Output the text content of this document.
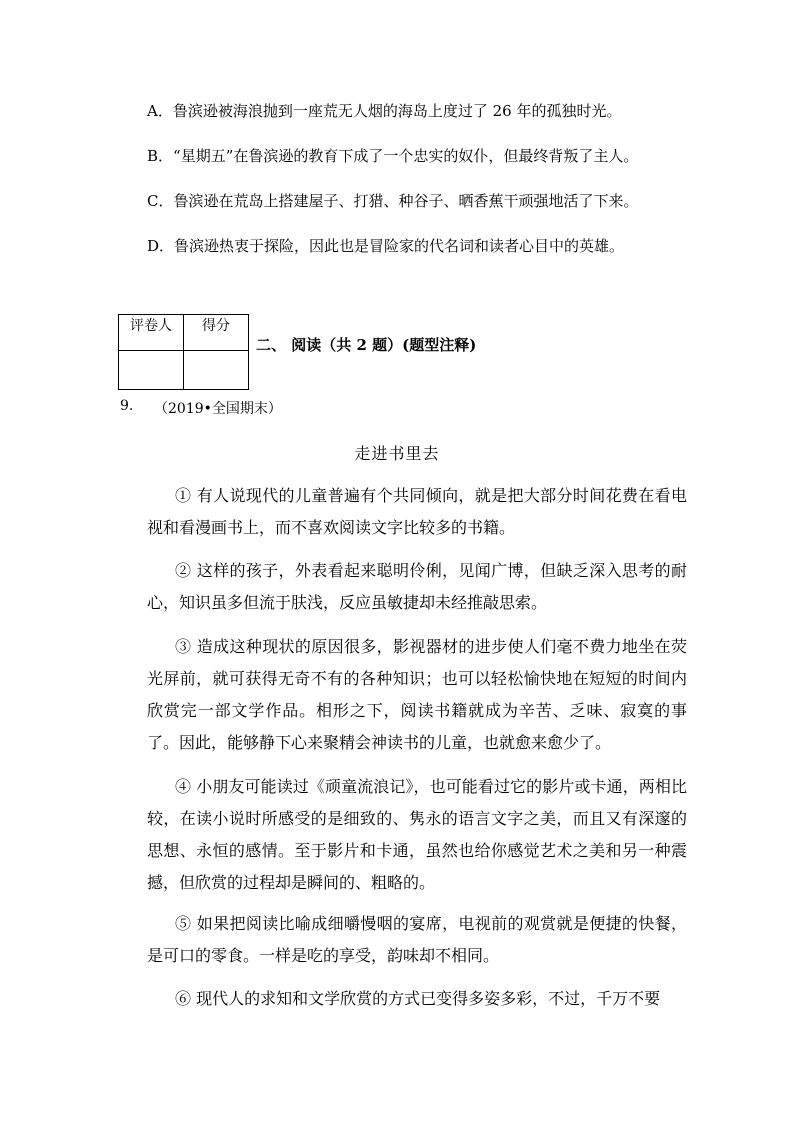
A．鲁滨逊被海浪抛到一座荒无人烟的海岛上度过了 26 年的孤独时光。
B．“星期五”在鲁滨逊的教育下成了一个忠实的奴仆，但最终背叛了主人。
C．鲁滨逊在荒岛上搭建屋子、打猎、种谷子、晒香蕉干顽强地活了下来。
D．鲁滨逊热衷于探险，因此也是冒险家的代名词和读者心目中的英雄。
评卷人	得分

二、 阅读（共 2 题）(题型注释)
9. （2019•全国期末）
走进书里去

① 有人说现代的儿童普遍有个共同倾向，就是把大部分时间花费在看电视和看漫画书上，而不喜欢阅读文字比较多的书籍。

② 这样的孩子，外表看起来聪明伶俐，见闻广博，但缺乏深入思考的耐心，知识虽多但流于肤浅，反应虽敏捷却未经推敲思索。

③ 造成这种现状的原因很多，影视器材的进步使人们毫不费力地坐在荧光屏前，就可获得无奇不有的各种知识；也可以轻松愉快地在短短的时间内欣赏完一部文学作品。相形之下，阅读书籍就成为辛苦、乏味、寂寞的事了。因此，能够静下心来聚精会神读书的儿童，也就愈来愈少了。

④ 小朋友可能读过《顽童流浪记》，也可能看过它的影片或卡通，两相比较，在读小说时所感受的是细致的、隽永的语言文字之美，而且又有深邃的思想、永恒的感情。至于影片和卡通，虽然也给你感觉艺术之美和另一种震撼，但欣赏的过程却是瞬间的、粗略的。

⑤ 如果把阅读比喻成细嚼慢咽的宴席，电视前的观赏就是便捷的快餐，是可口的零食。一样是吃的享受，韵味却不相同。

⑥ 现代人的求知和文学欣赏的方式已变得多姿多彩，不过，千万不要
